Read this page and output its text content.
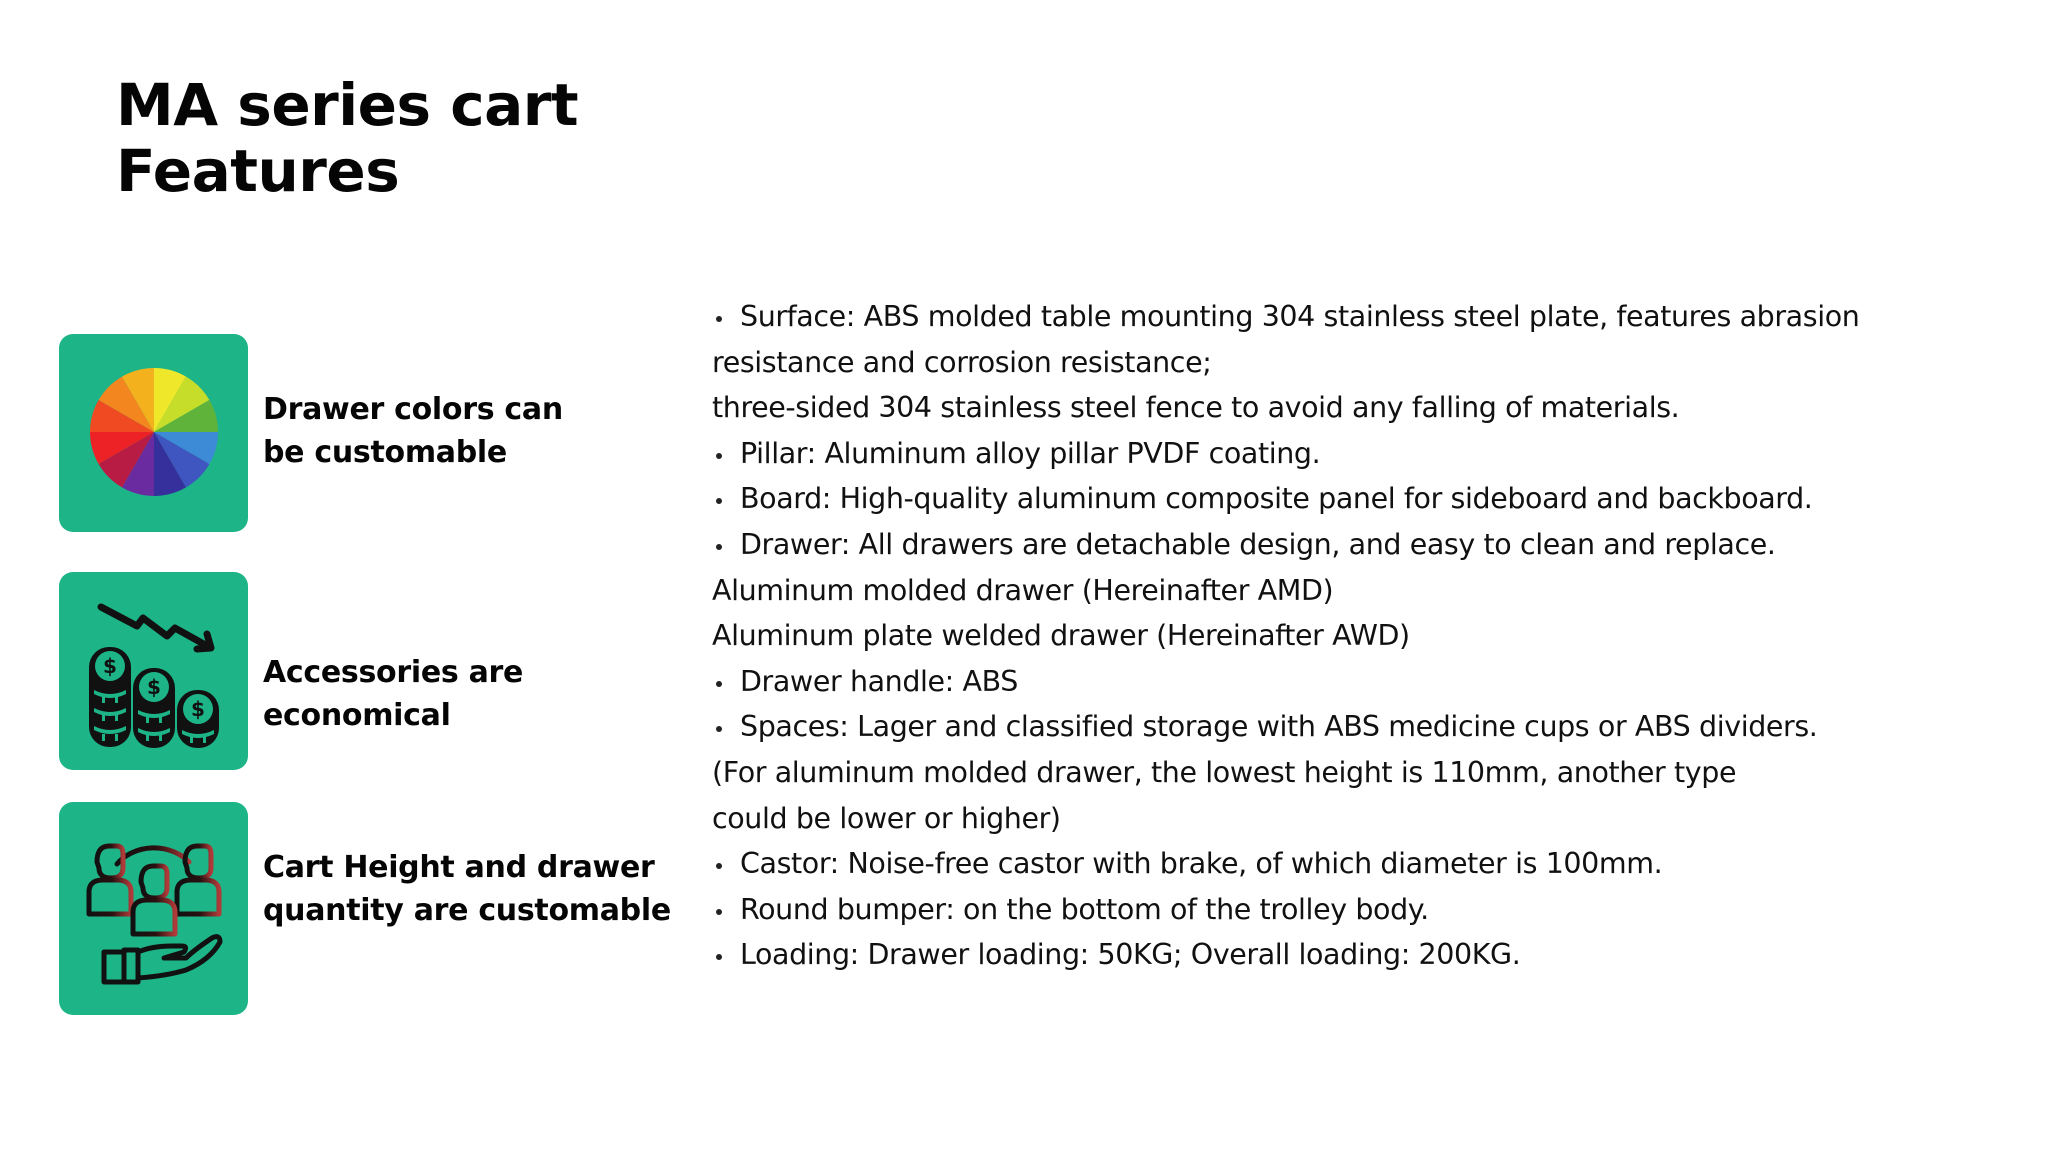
MA series cart
Features

Drawer colors can
be customable

$
$
$

Accessories are
economical

Cart Height and drawer
quantity are customable

Surface: ABS molded table mounting 304 stainless steel plate, features abrasion
resistance and corrosion resistance;
three-sided 304 stainless steel fence to avoid any falling of materials.
Pillar: Aluminum alloy pillar PVDF coating.
Board: High-quality aluminum composite panel for sideboard and backboard.
Drawer: All drawers are detachable design, and easy to clean and replace.
Aluminum molded drawer (Hereinafter AMD)
Aluminum plate welded drawer (Hereinafter AWD)
Drawer handle: ABS
Spaces: Lager and classified storage with ABS medicine cups or ABS dividers.
(For aluminum molded drawer, the lowest height is 110mm, another type
could be lower or higher)
Castor: Noise-free castor with brake, of which diameter is 100mm.
Round bumper: on the bottom of the trolley body.
Loading: Drawer loading: 50KG; Overall loading: 200KG.
